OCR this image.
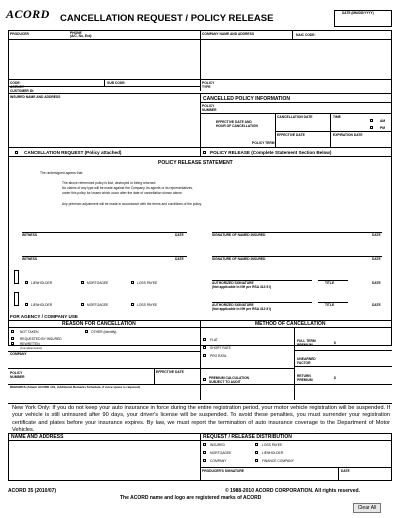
ACORD CANCELLATION REQUEST / POLICY RELEASE	DATE (MM/DD/YYYY)
PRODUCER	PHONE
(A/C, No, Ext):	COMPANY NAME AND ADDRESS	NAIC CODE:
CODE:	SUB CODE:
AGENCY
CUSTOMER ID:
POLICY
TYPE
INSURED NAME AND ADDRESS	CANCELLED POLICY INFORMATION
POLICY
NUMBER
EFFECTIVE DATE AND
HOUR OF CANCELLATION
CANCELLATION DATE	TIME
AM
PM
EFFECTIVE DATE	EXPIRATION DATE
POLICY TERM
CANCELLATION REQUEST (Policy attached)	POLICY RELEASE (Complete Statement Section Below)
POLICY RELEASE STATEMENT
The undersigned agrees that:
The above referenced policy is lost, destroyed or being returned.
No claims of any type will be made against the Company, its agents or its representatives,
under this policy for losses which occur after the date of cancellation shown above.
Any premium adjustment will be made in accordance with the terms and conditions of the policy.
WITNESS	DATE	SIGNATURE OF NAMED INSURED	DATE
WITNESS	DATE	SIGNATURE OF NAMED INSURED	DATE
LIENHOLDER	MORTGAGEE	LOSS PAYEE	AUTHORIZED SIGNATURE
(Not applicable in NH per RSA 412:5 I)
TITLE	DATE
LIENHOLDER	MORTGAGEE	LOSS PAYEE	AUTHORIZED SIGNATURE
(Not applicable in NH per RSA 412:5 I)
TITLE	DATE
FOR AGENCY / COMPANY USE
REASON FOR CANCELLATION	METHOD OF CANCELLATION
NOT TAKEN	OTHER (Identify):
REQUESTED BY INSURED
REWRITTEN
(Complete below)
COMPANY
FLAT
SHORT RATE
PRO RATA
FULL TERM
PREMIUM	$
UNEARNED
FACTOR
POLICY
NUMBER
EFFECTIVE DATE
PREMIUM CALCULATION
SUBJECT TO AUDIT
RETURN
PREMIUM	$
REMARKS (Attach ACORD 101, Additional Remarks Schedule, if more space is required)
New York Only: If you do not keep your auto insurance in force during the entire registration period, your motor vehicle registration will be suspended. If your vehicle is still uninsured after 90 days, your driver's license will be suspended. To avoid these penalties, you must surrender your registration certificate and plates before your insurance expires. By law, we must report the termination of auto insurance coverage to the Department of Motor Vehicles.
NAME AND ADDRESS	REQUEST / RELEASE DISTRIBUTION
INSURED	LOSS PAYEE
MORTGAGEE	LIENHOLDER
COMPANY	FINANCE COMPANY
PRODUCER'S SIGNATURE	DATE
ACORD 35 (2010/07)	© 1988-2010 ACORD CORPORATION. All rights reserved.
The ACORD name and logo are registered marks of ACORD
Clear All
